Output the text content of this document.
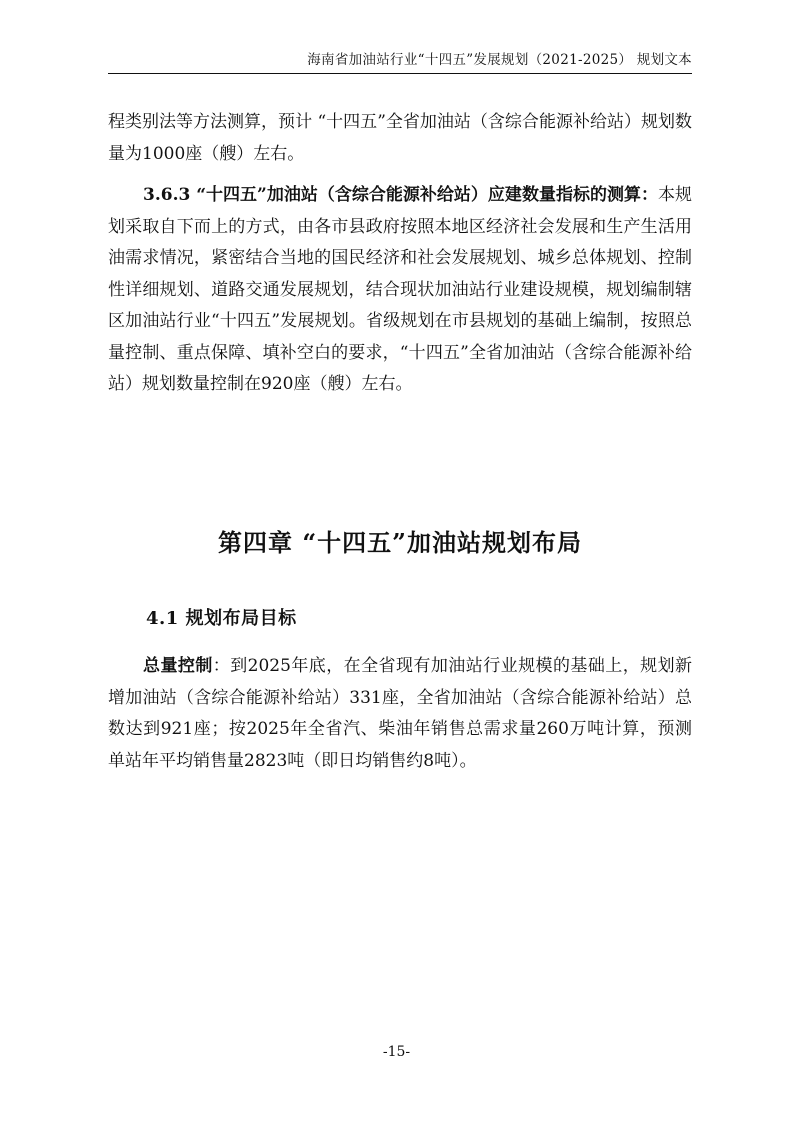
海南省加油站行业“十四五”发展规划（2021-2025） 规划文本

程类别法等方法测算，预计 “十四五”全省加油站（含综合能源补给站）规划数量为1000座（艘）左右。

3.6.3 “十四五”加油站（含综合能源补给站）应建数量指标的测算：本规划采取自下而上的方式，由各市县政府按照本地区经济社会发展和生产生活用油需求情况，紧密结合当地的国民经济和社会发展规划、城乡总体规划、控制性详细规划、道路交通发展规划，结合现状加油站行业建设规模，规划编制辖区加油站行业“十四五”发展规划。省级规划在市县规划的基础上编制，按照总量控制、重点保障、填补空白的要求，“十四五”全省加油站（含综合能源补给站）规划数量控制在920座（艘）左右。

第四章 “十四五”加油站规划布局
4.1 规划布局目标

总量控制：到2025年底，在全省现有加油站行业规模的基础上，规划新增加油站（含综合能源补给站）331座，全省加油站（含综合能源补给站）总数达到921座；按2025年全省汽、柴油年销售总需求量260万吨计算，预测单站年平均销售量2823吨（即日均销售约8吨）。

-15-
